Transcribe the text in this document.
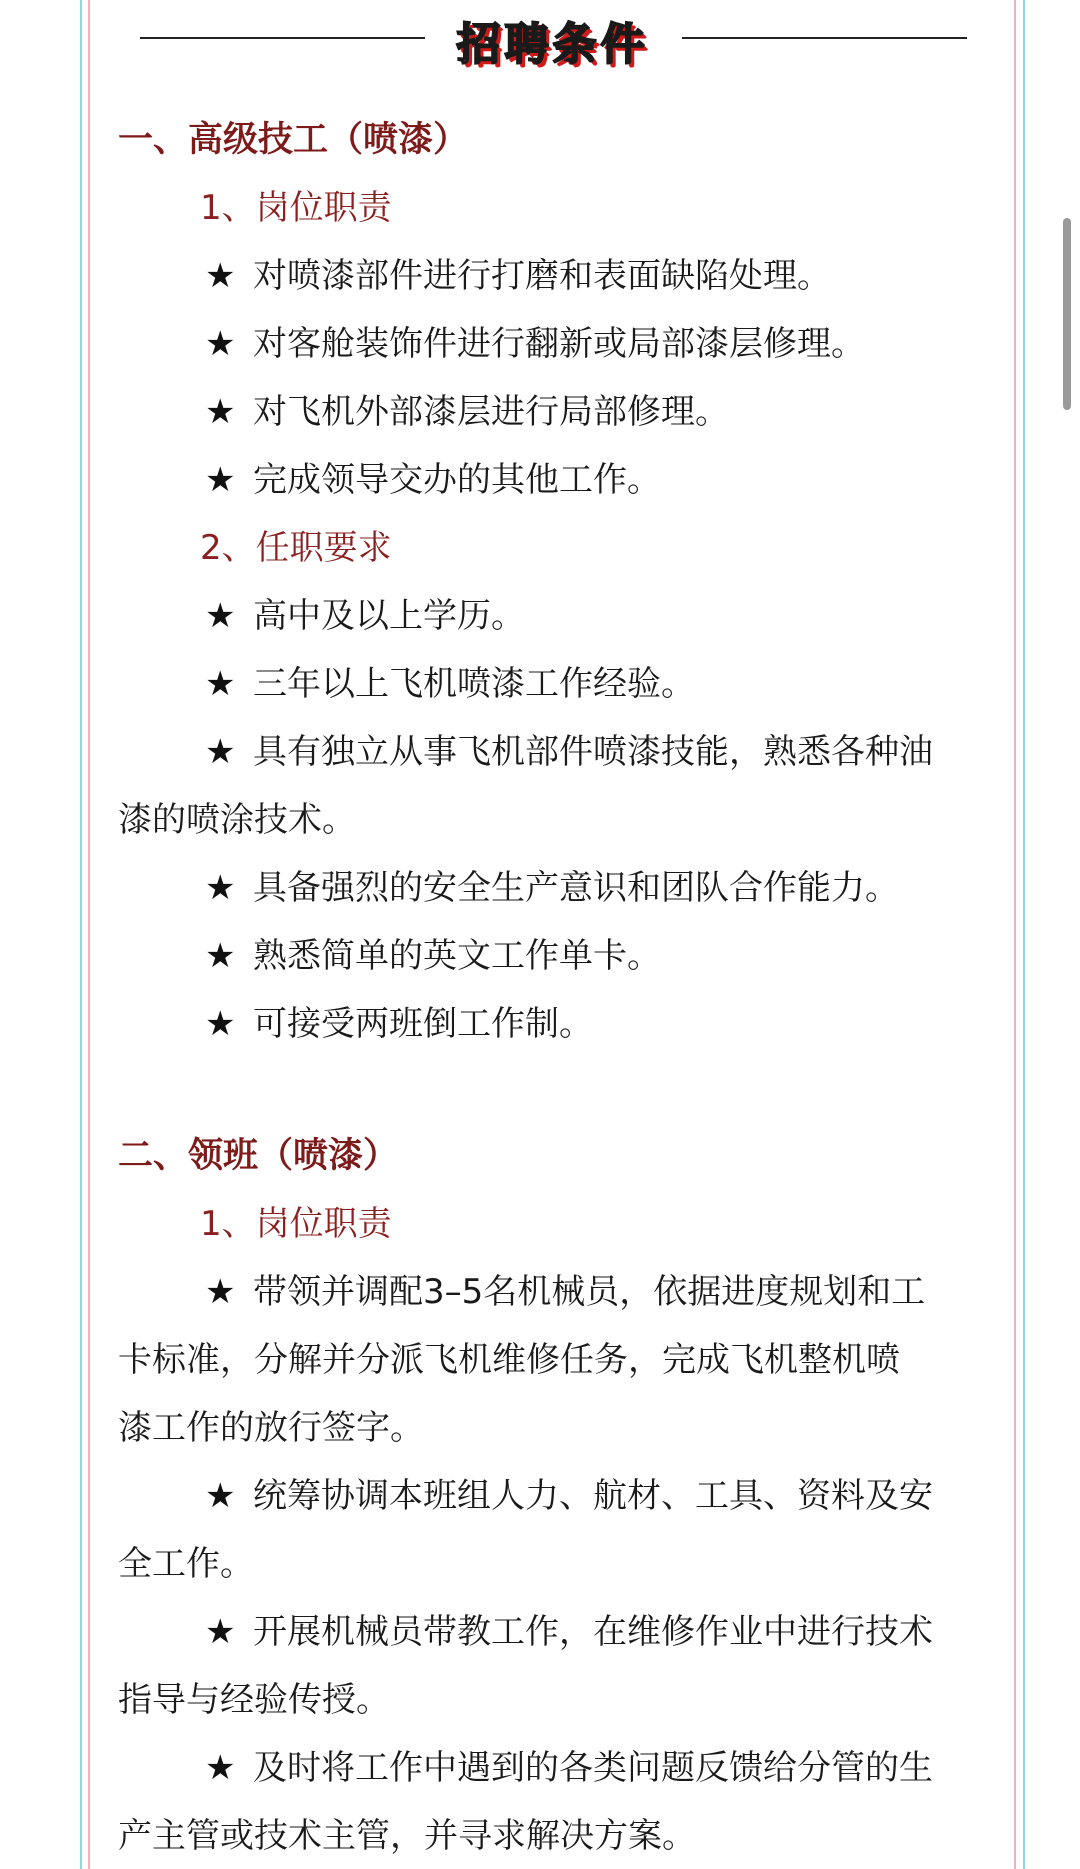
招聘条件
一、高级技工（喷漆）
1、岗位职责
★ 对喷漆部件进行打磨和表面缺陷处理。
★ 对客舱装饰件进行翻新或局部漆层修理。
★ 对飞机外部漆层进行局部修理。
★ 完成领导交办的其他工作。
2、任职要求
★ 高中及以上学历。
★ 三年以上飞机喷漆工作经验。
★ 具有独立从事飞机部件喷漆技能，熟悉各种油
漆的喷涂技术。
★ 具备强烈的安全生产意识和团队合作能力。
★ 熟悉简单的英文工作单卡。
★ 可接受两班倒工作制。
二、领班（喷漆）
1、岗位职责
★ 带领并调配3–5名机械员，依据进度规划和工
卡标准，分解并分派飞机维修任务，完成飞机整机喷
漆工作的放行签字。
★ 统筹协调本班组人力、航材、工具、资料及安
全工作。
★ 开展机械员带教工作，在维修作业中进行技术
指导与经验传授。
★ 及时将工作中遇到的各类问题反馈给分管的生
产主管或技术主管，并寻求解决方案。
